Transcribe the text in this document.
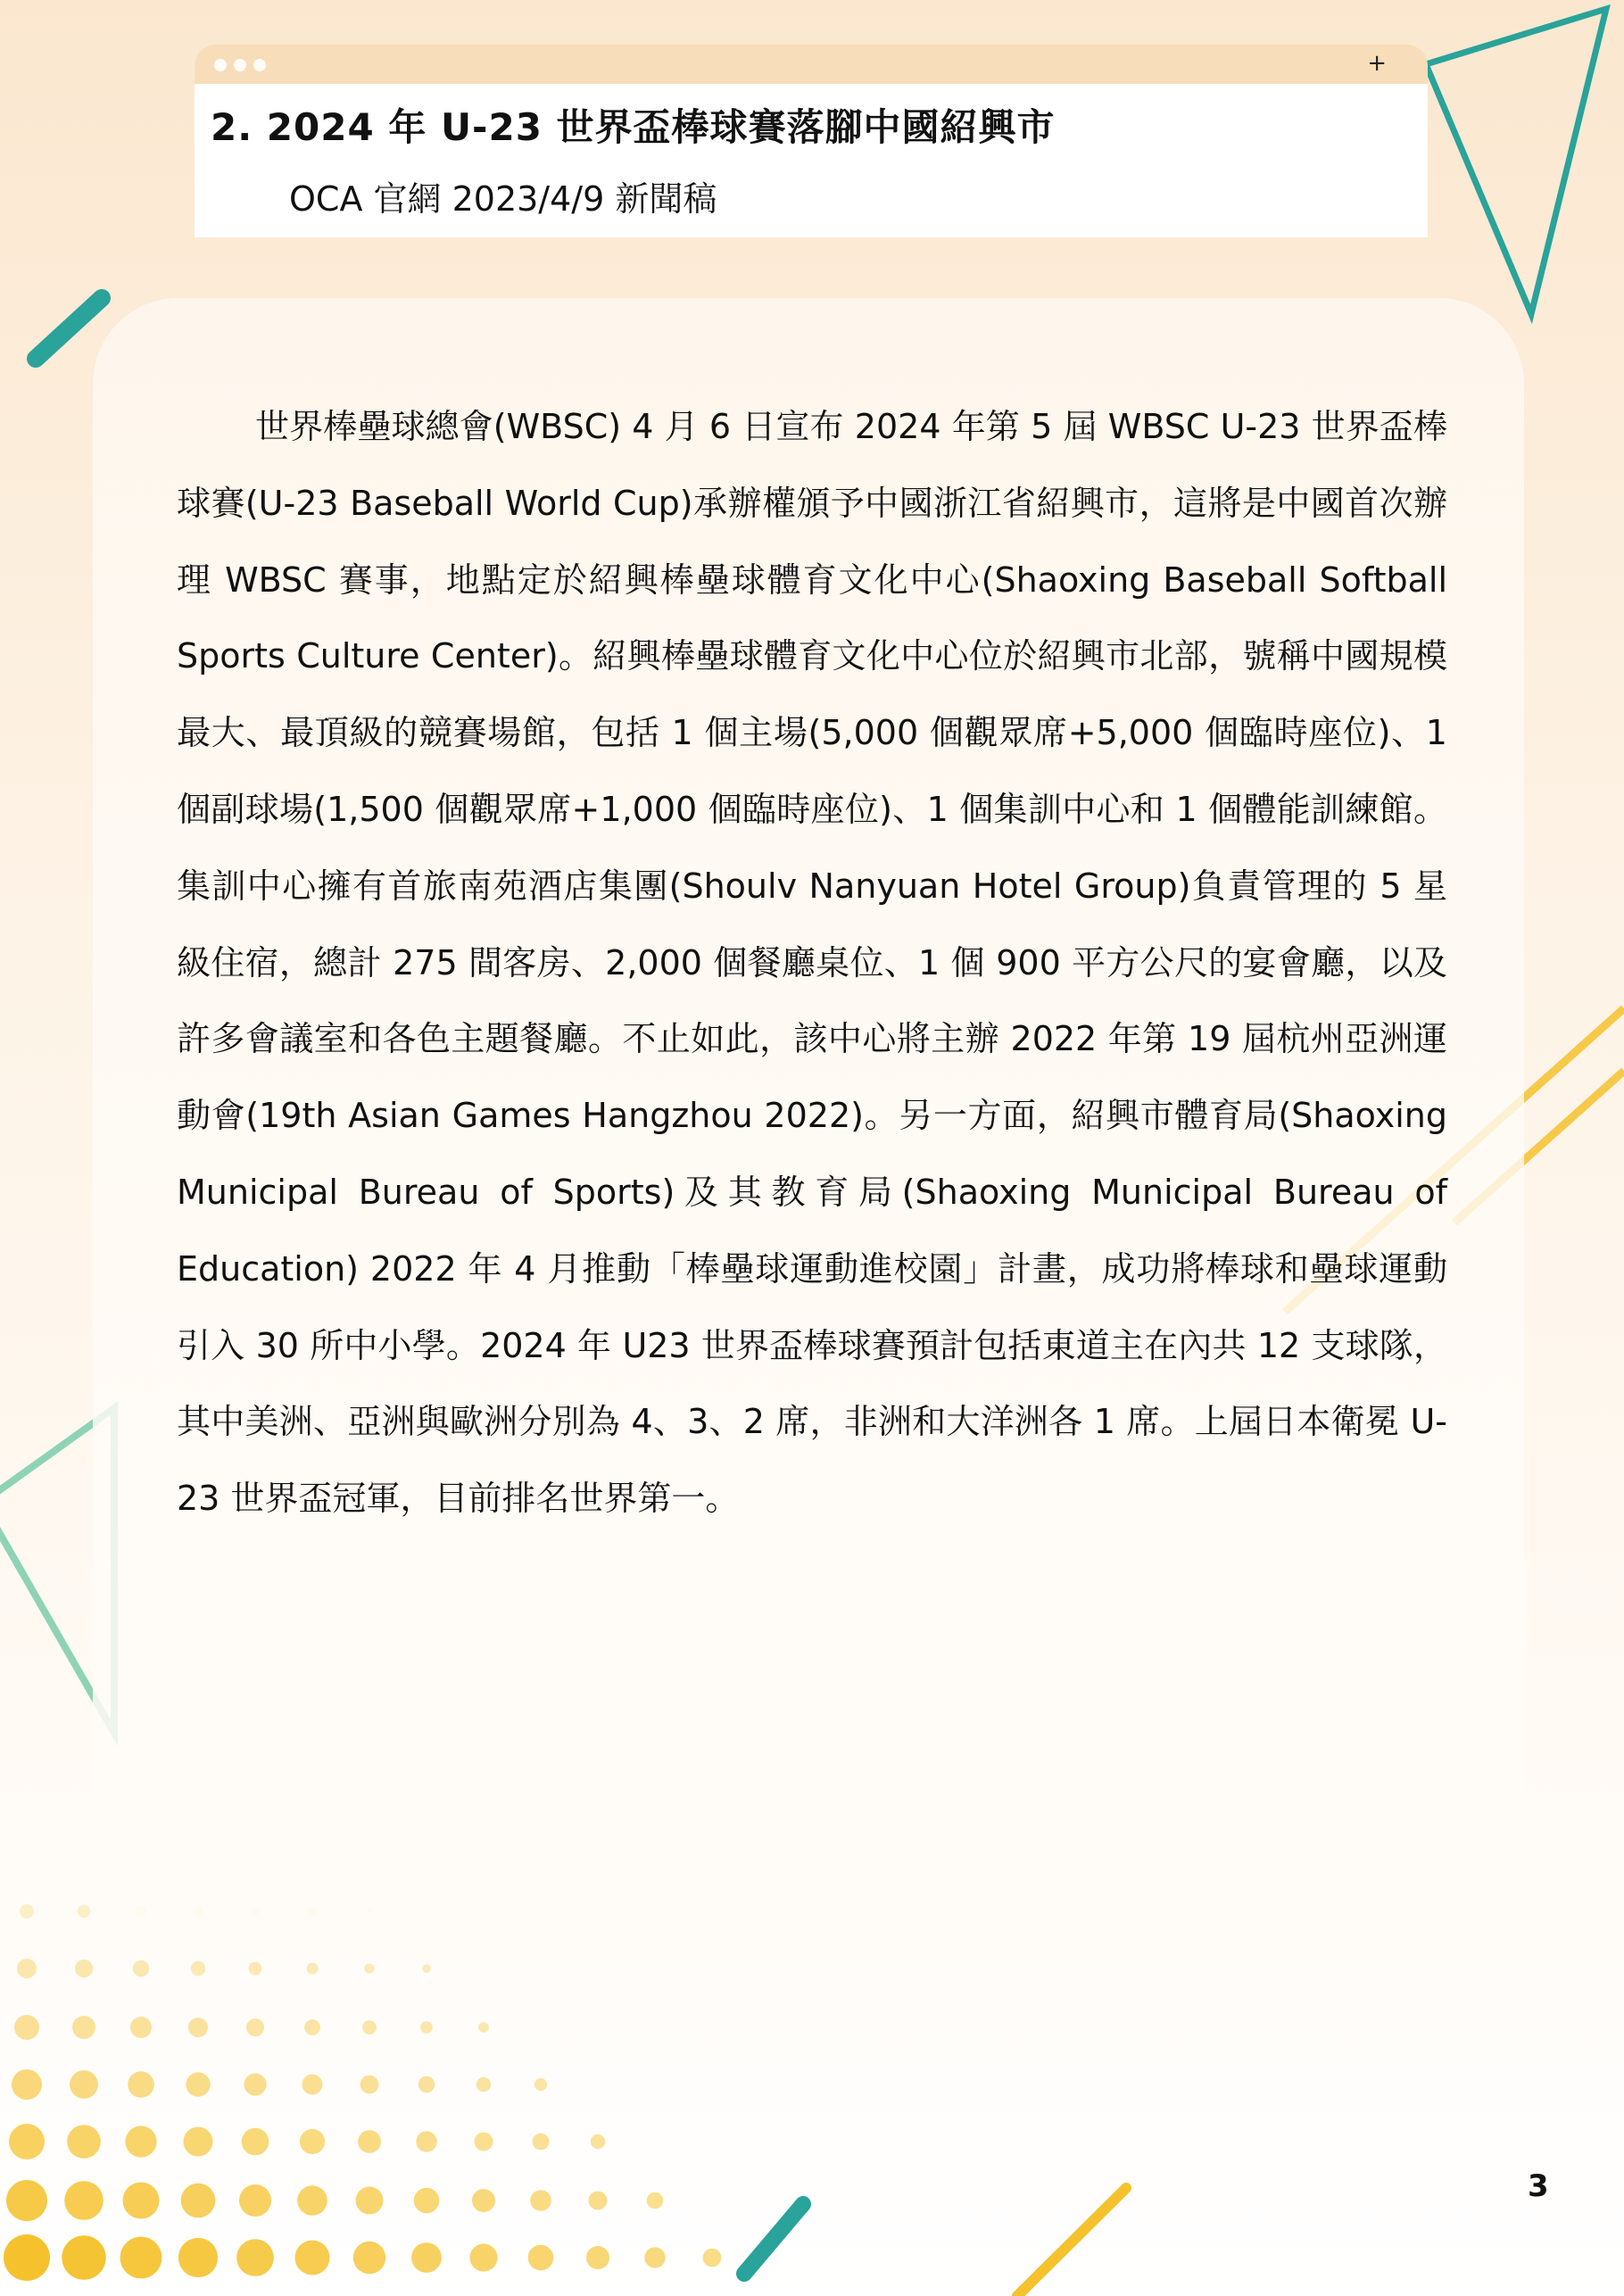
+
2. 2024 年 U-23 世界盃棒球賽落腳中國紹興市
OCA 官網 2023/4/9 新聞稿

世界棒壘球總會(WBSC) 4 月 6 日宣布 2024 年第 5 屆 WBSC U-23 世界盃棒球賽(U-23 Baseball World Cup)承辦權頒予中國浙江省紹興市，這將是中國首次辦理 WBSC 賽事，地點定於紹興棒壘球體育文化中心(Shaoxing Baseball Softball Sports Culture Center)。紹興棒壘球體育文化中心位於紹興市北部，號稱中國規模最大、最頂級的競賽場館，包括 1 個主場(5,000 個觀眾席+5,000 個臨時座位)、1 個副球場(1,500 個觀眾席+1,000 個臨時座位)、1 個集訓中心和 1 個體能訓練館。集訓中心擁有首旅南苑酒店集團(Shoulv Nanyuan Hotel Group)負責管理的 5 星級住宿，總計 275 間客房、2,000 個餐廳桌位、1 個 900 平方公尺的宴會廳，以及許多會議室和各色主題餐廳。不止如此，該中心將主辦 2022 年第 19 屆杭州亞洲運動會(19th Asian Games Hangzhou 2022)。另一方面，紹興市體育局(Shaoxing Municipal Bureau of Sports)及其教育局(Shaoxing Municipal Bureau of Education) 2022 年 4 月推動「棒壘球運動進校園」計畫，成功將棒球和壘球運動引入 30 所中小學。2024 年 U23 世界盃棒球賽預計包括東道主在內共 12 支球隊，其中美洲、亞洲與歐洲分別為 4、3、2 席，非洲和大洋洲各 1 席。上屆日本衛冕 U-23 世界盃冠軍，目前排名世界第一。

3
